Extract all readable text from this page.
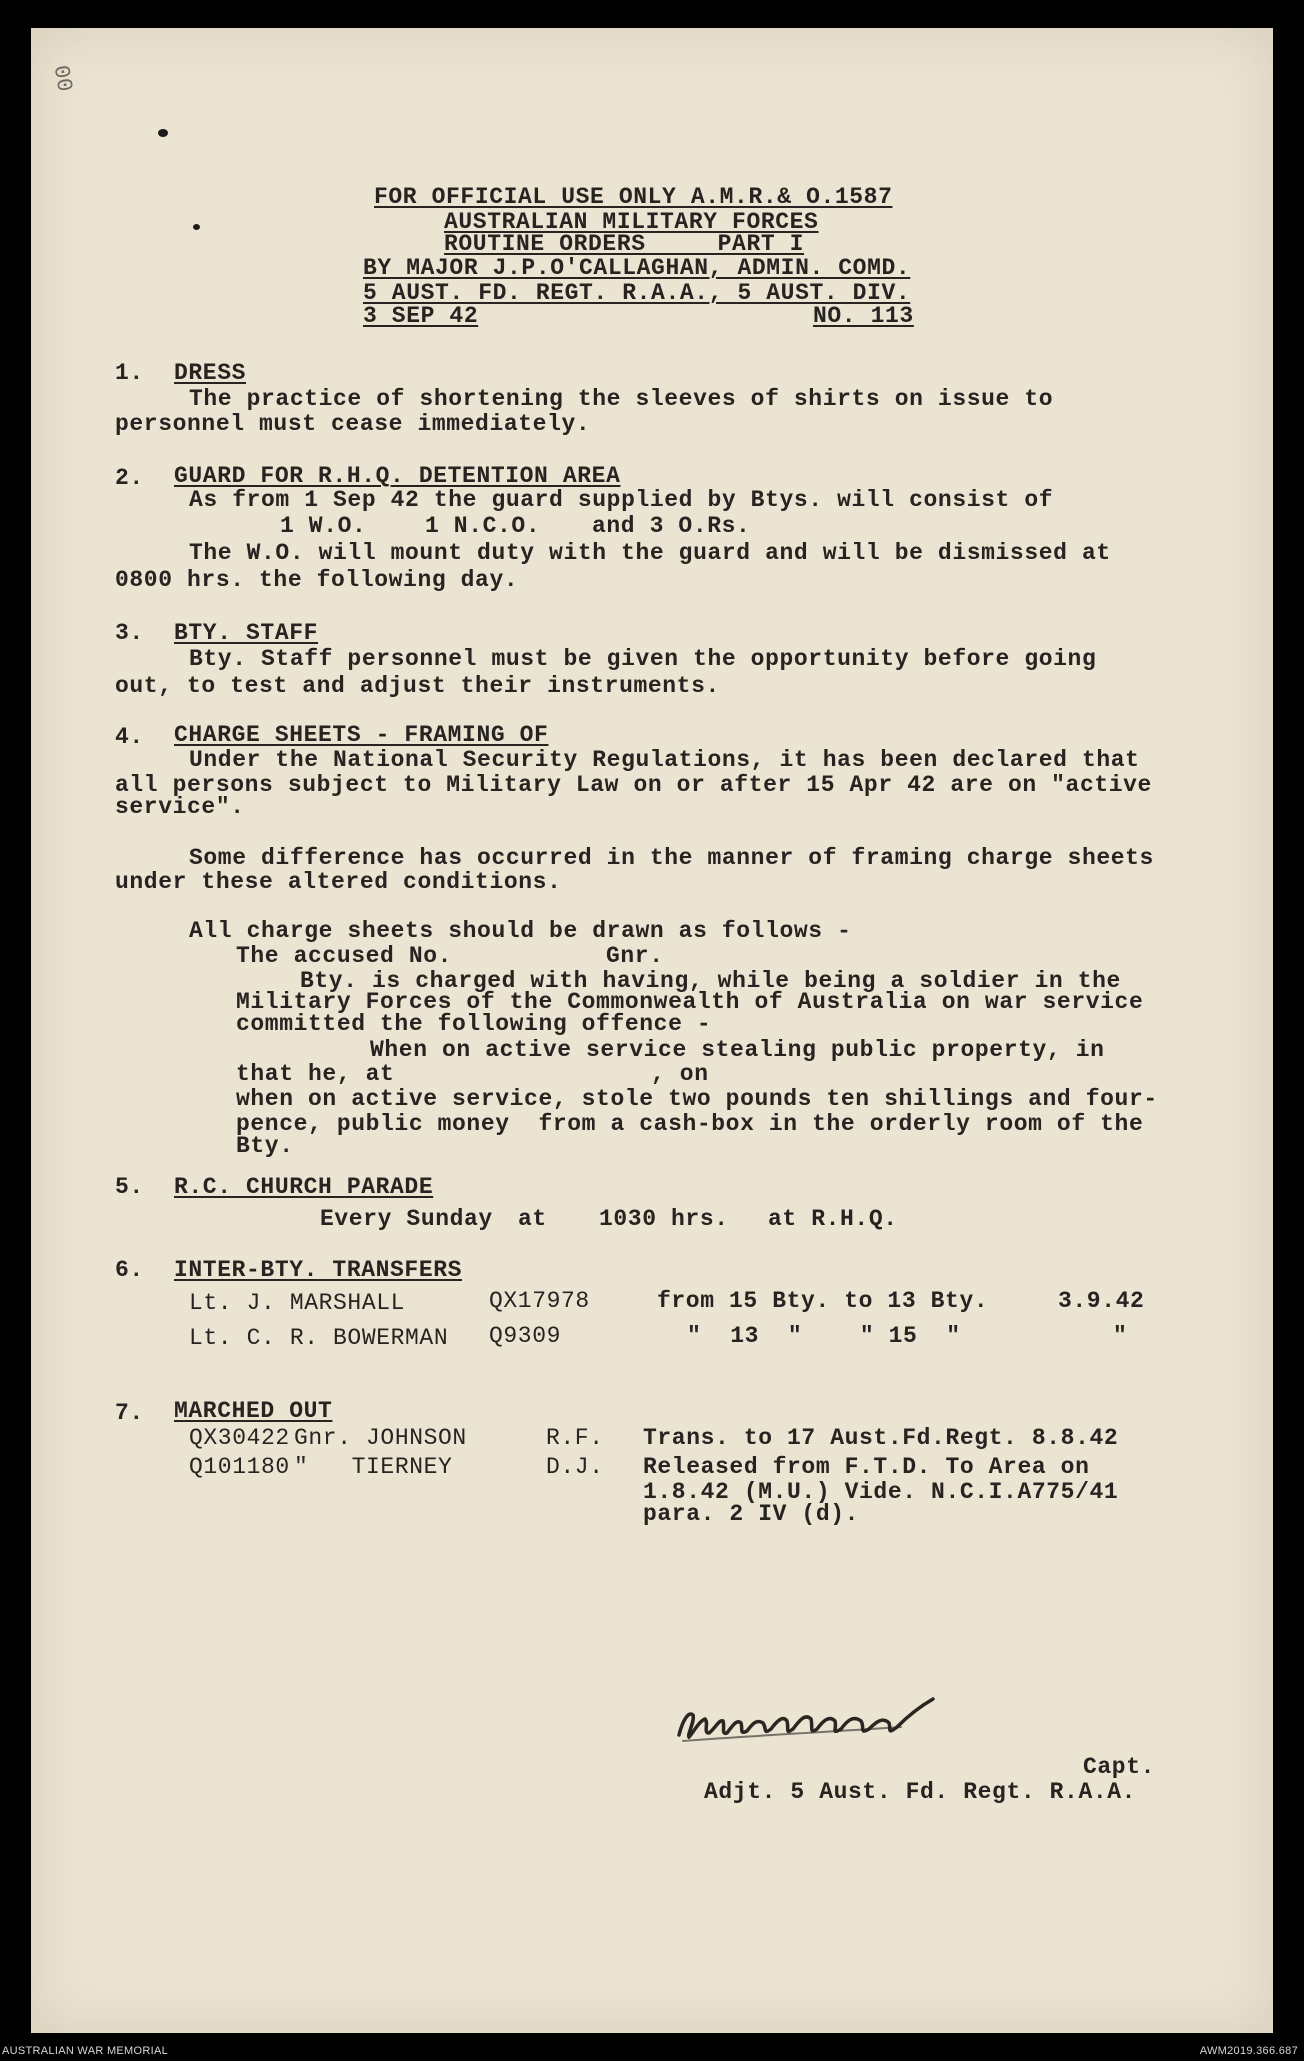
00
FOR OFFICIAL USE ONLY A.M.R.& O.1587
AUSTRALIAN MILITARY FORCES
ROUTINE ORDERS     PART I
BY MAJOR J.P.O'CALLAGHAN, ADMIN. COMD.
5 AUST. FD. REGT. R.A.A., 5 AUST. DIV.
3 SEP 42	NO. 113
1. DRESS
The practice of shortening the sleeves of shirts on issue to
personnel must cease immediately.
2. GUARD FOR R.H.Q. DETENTION AREA
As from 1 Sep 42 the guard supplied by Btys. will consist of
1 W.O.	1 N.C.O. and 3 O.Rs.
The W.O. will mount duty with the guard and will be dismissed at
0800 hrs. the following day.
3. BTY. STAFF
Bty. Staff personnel must be given the opportunity before going
out, to test and adjust their instruments.
4. CHARGE SHEETS - FRAMING OF
Under the National Security Regulations, it has been declared that
all persons subject to Military Law on or after 15 Apr 42 are on "active
service".
Some difference has occurred in the manner of framing charge sheets
under these altered conditions.
All charge sheets should be drawn as follows -
The accused No.	Gnr.
Bty. is charged with having, while being a soldier in the
Military Forces of the Commonwealth of Australia on war service
committed the following offence -
When on active service stealing public property, in
that he, at	, on
when on active service, stole two pounds ten shillings and four-
pence, public money  from a cash-box in the orderly room of the
Bty.
5. R.C. CHURCH PARADE
Every Sunday at 1030 hrs. at R.H.Q.
6. INTER-BTY. TRANSFERS
Lt. J. MARSHALL	QX17978	from 15 Bty. to 13 Bty.	3.9.42
Lt. C. R. BOWERMAN Q9309	"  13  "    " 15  "	"
7. MARCHED OUT
QX30422 Gnr. JOHNSON	R.F. Trans. to 17 Aust.Fd.Regt. 8.8.42
Q101180 "   TIERNEY	D.J. Released from F.T.D. To Area on
1.8.42 (M.U.) Vide. N.C.I.A775/41
para. 2 IV (d).
Capt.
Adjt. 5 Aust. Fd. Regt. R.A.A.
AUSTRALIAN WAR MEMORIAL	AWM2019.366.687
